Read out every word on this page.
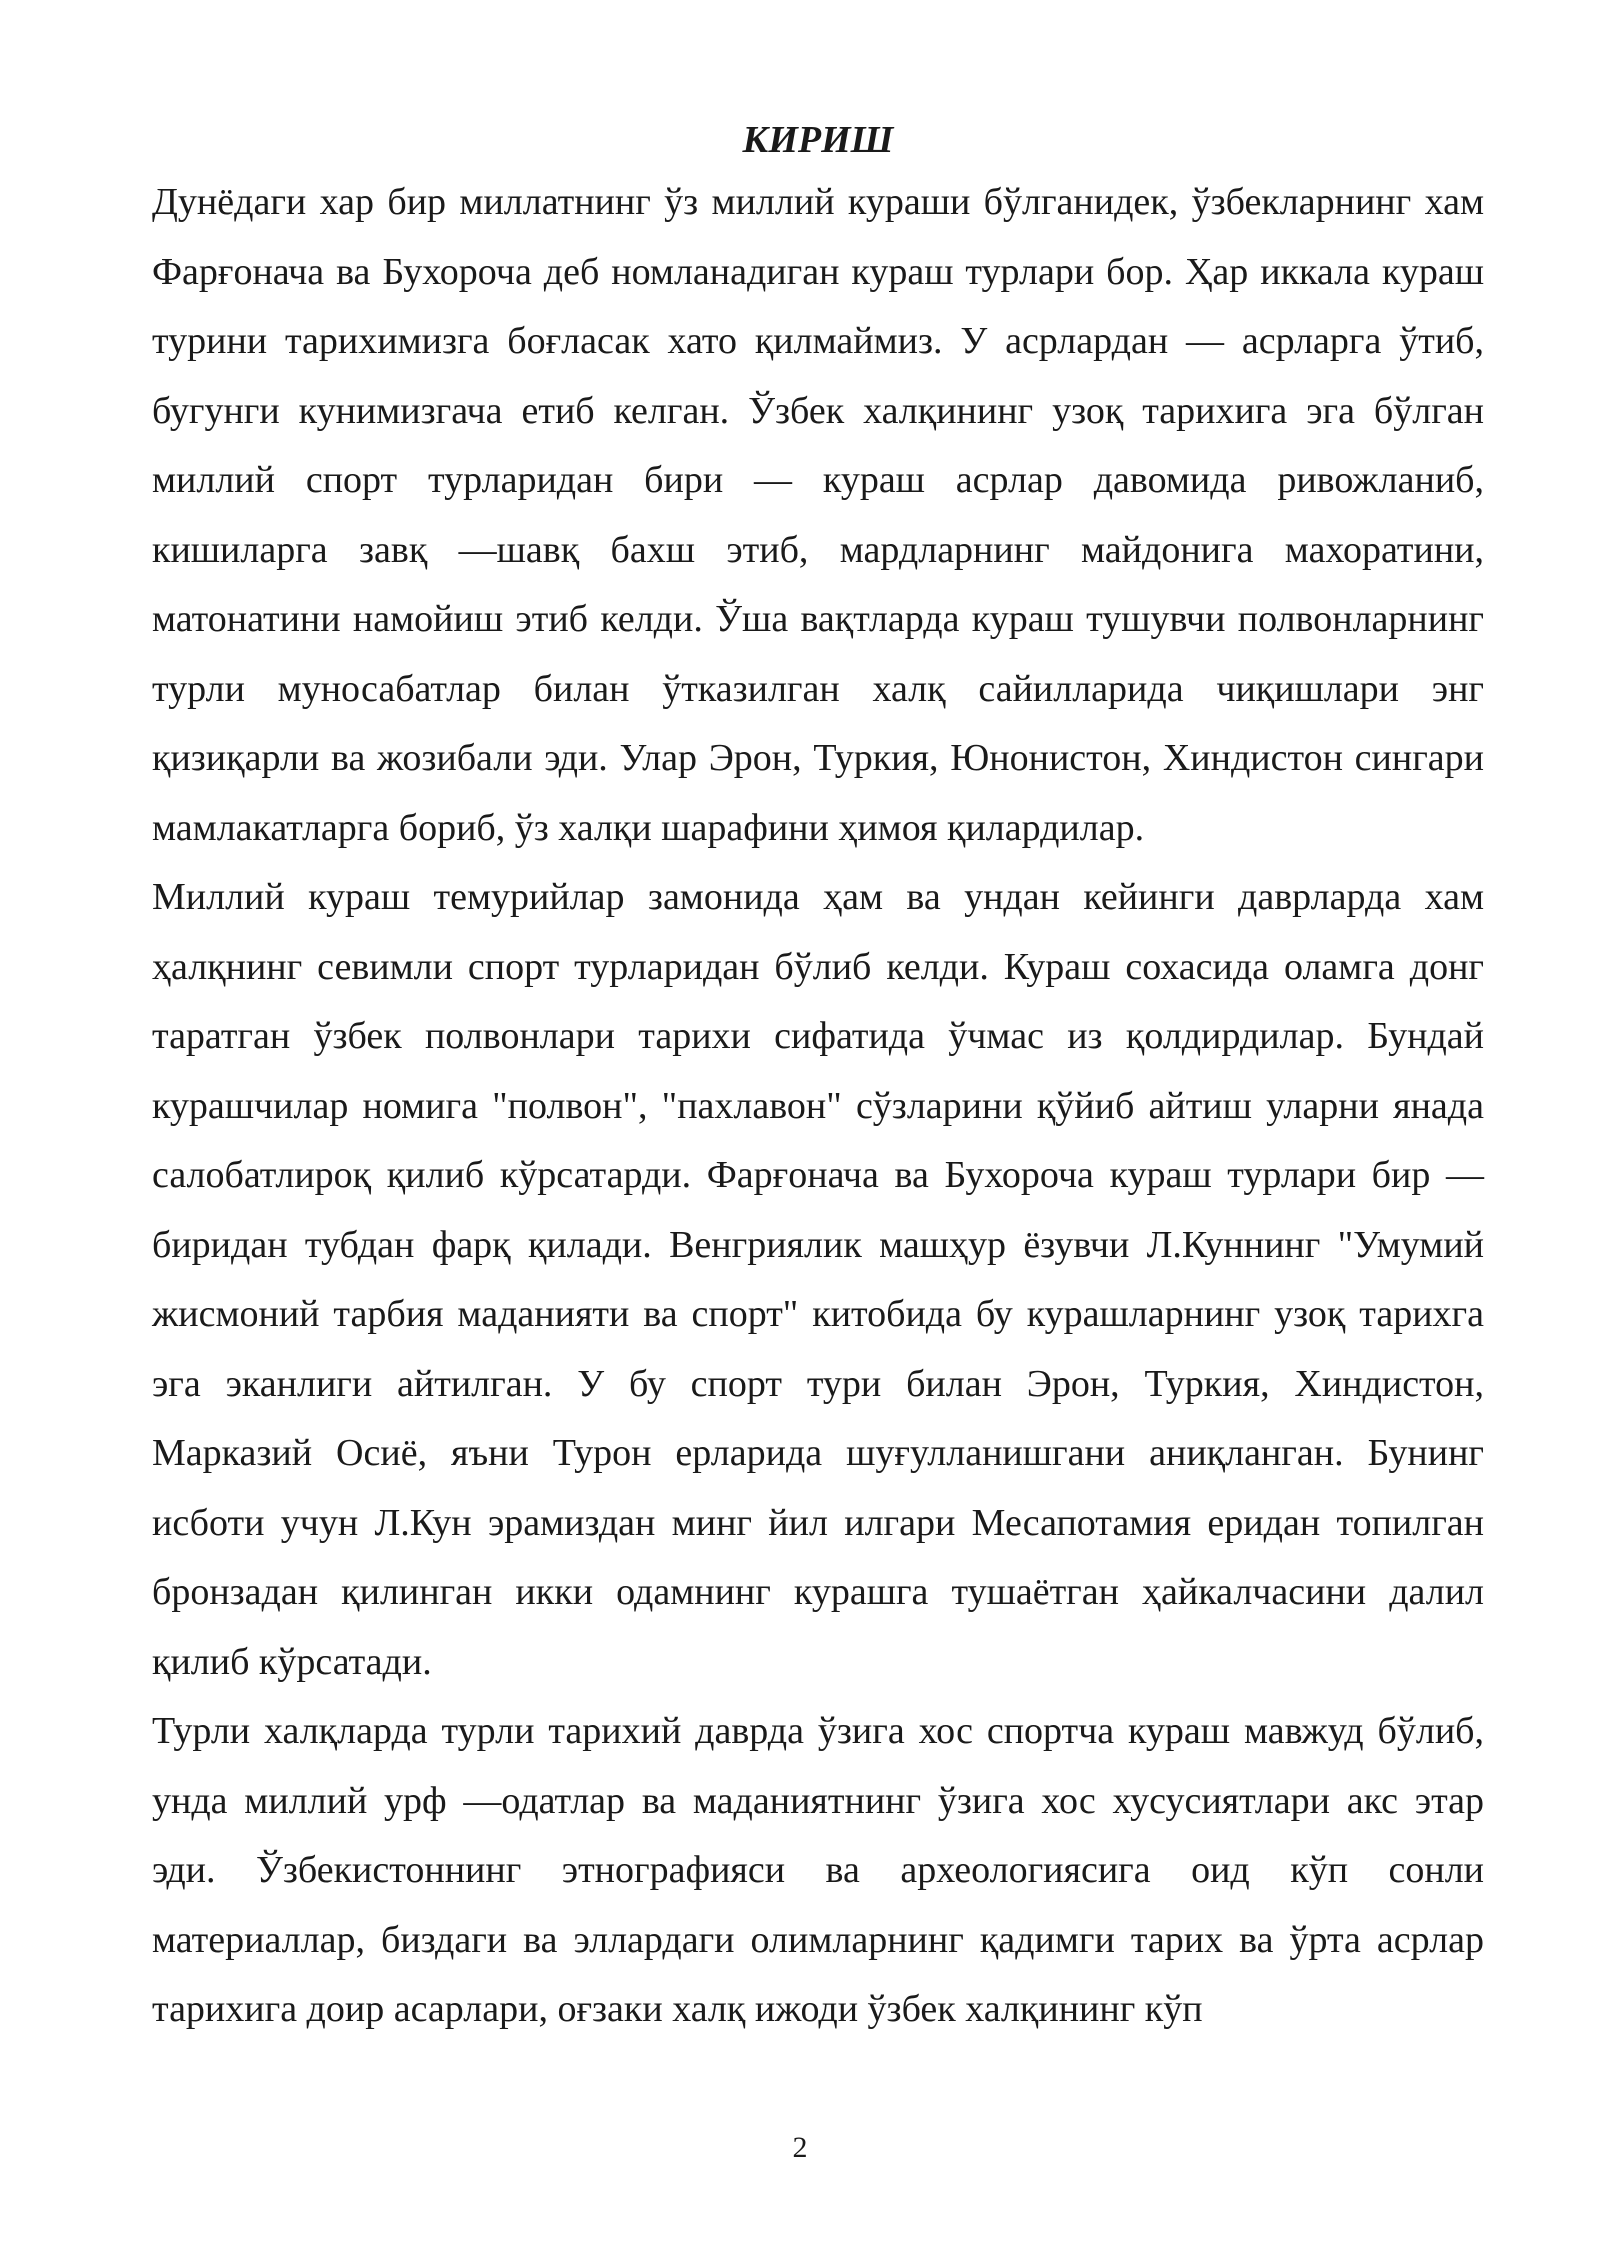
КИРИШ

Дунёдаги хар бир миллатнинг ўз миллий кураши бўлганидек, ўзбекларнинг хам Фарғонача ва Бухороча деб номланадиган кураш турлари бор. Ҳар иккала кураш турини тарихимизга боғласак хато қилмаймиз. У асрлардан — асрларга ўтиб, бугунги кунимизгача етиб келган. Ўзбек халқининг узоқ тарихига эга бўлган миллий спорт турларидан бири — кураш асрлар давомида ривожланиб, кишиларга завқ —шавқ бахш этиб, мардларнинг майдонига махоратини, матонатини намойиш этиб келди. Ўша вақтларда кураш тушувчи полвонларнинг турли муносабатлар билан ўтказилган халқ сайилларида чиқишлари энг қизиқарли ва жозибали эди. Улар Эрон, Туркия, Юнонистон, Хиндистон сингари мамлакатларга бориб, ўз халқи шарафини ҳимоя қилардилар.

Миллий кураш темурийлар замонида ҳам ва ундан кейинги даврларда хам ҳалқнинг севимли спорт турларидан бўлиб келди. Кураш сохасида оламга донг таратган ўзбек полвонлари тарихи сифатида ўчмас из қолдирдилар. Бундай курашчилар номига "полвон", "пахлавон" сўзларини қўйиб айтиш уларни янада салобатлироқ қилиб кўрсатарди. Фарғонача ва Бухороча кураш турлари бир —биридан тубдан фарқ қилади. Венгриялик машҳур ёзувчи Л.Куннинг "Умумий жисмоний тарбия маданияти ва спорт" китобида бу курашларнинг узоқ тарихга эга эканлиги айтилган. У бу спорт тури билан Эрон, Туркия, Хиндистон, Марказий Осиё, яъни Турон ерларида шуғулланишгани аниқланган. Бунинг исботи учун Л.Кун эрамиздан минг йил илгари Месапотамия еридан топилган бронзадан қилинган икки одамнинг курашга тушаётган ҳайкалчасини далил қилиб кўрсатади.

Турли халқларда турли тарихий даврда ўзига хос спортча кураш мавжуд бўлиб, унда миллий урф —одатлар ва маданиятнинг ўзига хос хусусиятлари акс этар эди. Ўзбекистоннинг этнографияси ва археологиясига оид кўп сонли материаллар, биздаги ва эллардаги олимларнинг қадимги тарих ва ўрта асрлар тарихига доир асарлари, оғзаки халқ ижоди ўзбек халқининг кўп

2
